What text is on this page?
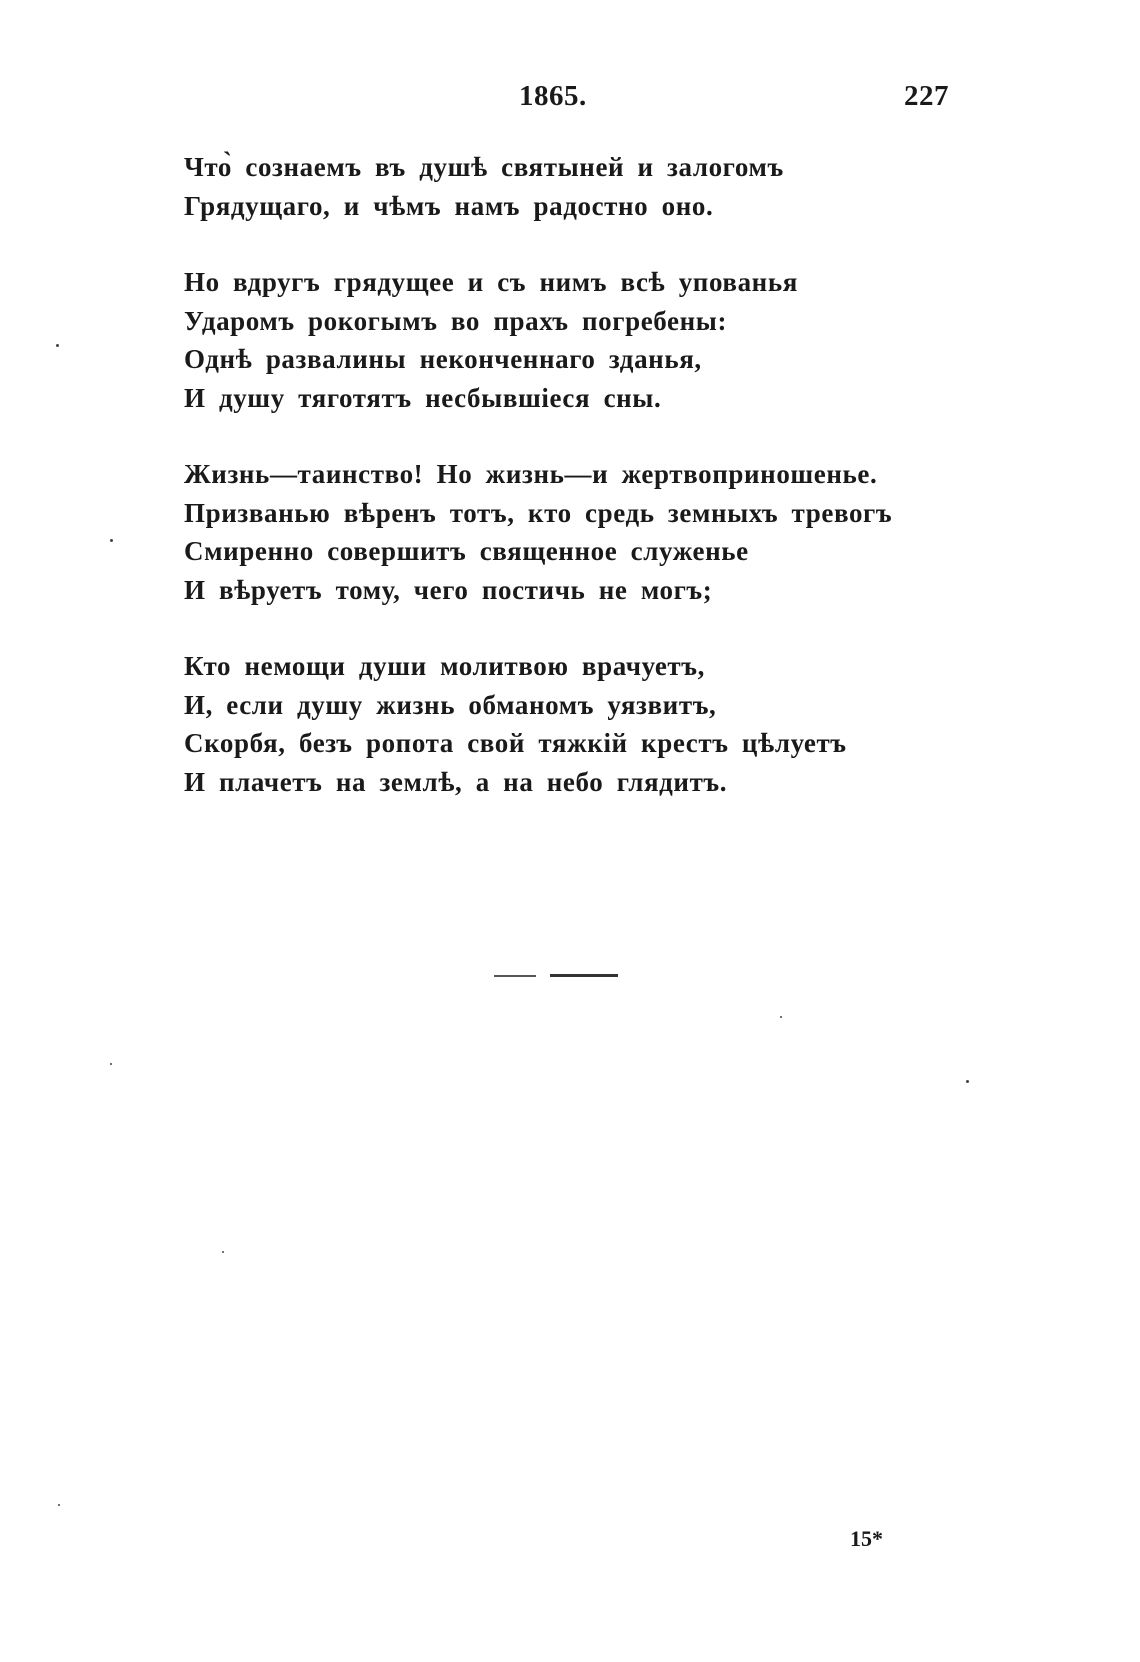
1865.	227
Что̀ сознаемъ въ душѣ святыней и залогомъ
Грядущаго, и чѣмъ намъ радостно оно.
Но вдругъ грядущее и съ нимъ всѣ упованья
Ударомъ рокогымъ во прахъ погребены:
Однѣ развалины неконченнаго зданья,
И душу тяготятъ несбывшіеся сны.
Жизнь—таинство! Но жизнь—и жертвоприношенье.
Призванью вѣренъ тотъ, кто средь земныхъ тревогъ
Смиренно совершитъ священное служенье
И вѣруетъ тому, чего постичь не могъ;
Кто немощи души молитвою врачуетъ,
И, если душу жизнь обманомъ уязвитъ,
Скорбя, безъ ропота свой тяжкій крестъ цѣлуетъ
И плачетъ на землѣ, а на небо глядитъ.
15*
